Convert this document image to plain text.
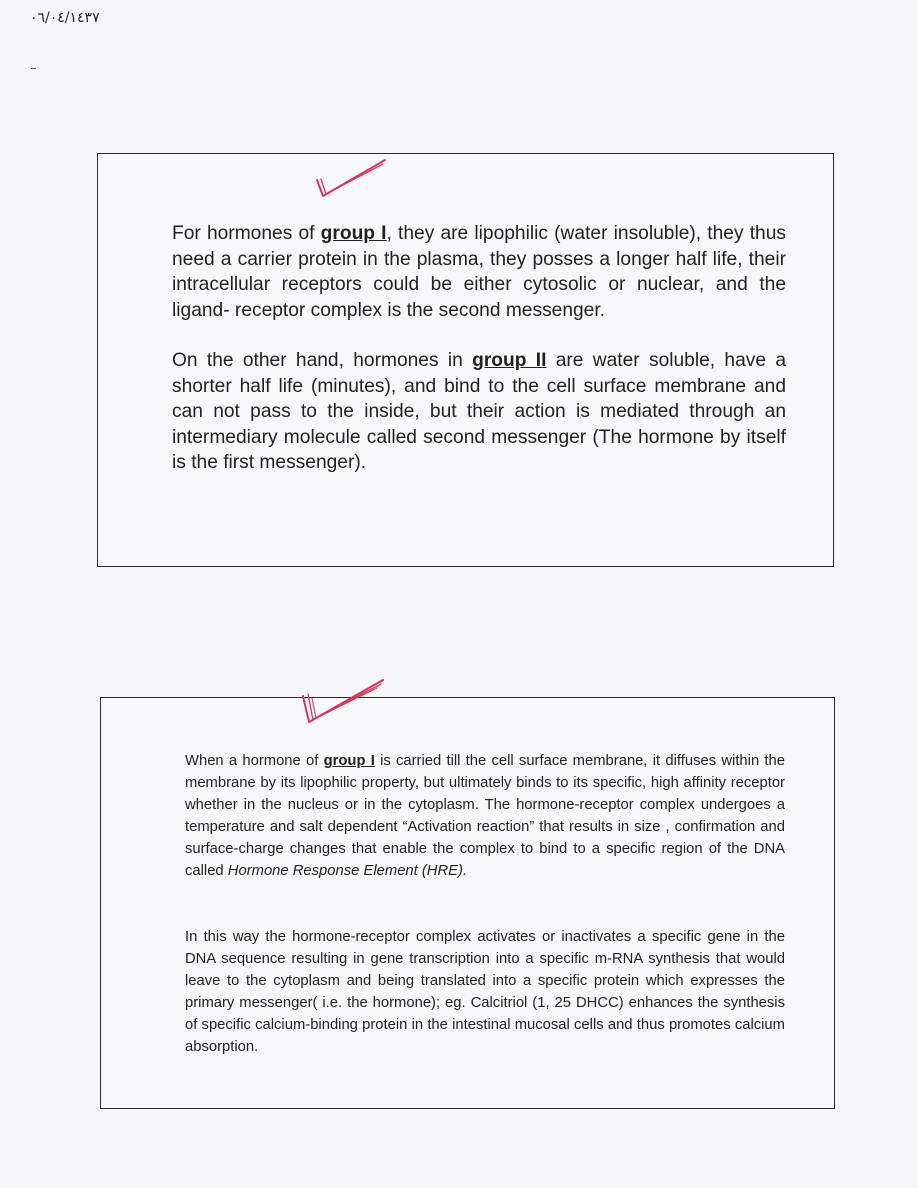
٠٦/٠٤/١٤٣٧

For hormones of group I, they are lipophilic (water insoluble), they thus need a carrier protein in the plasma, they posses a longer half life, their intracellular receptors could be either cytosolic or nuclear, and the ligand- receptor complex is the second messenger.

On the other hand, hormones in group II are water soluble, have a shorter half life (minutes), and bind to the cell surface membrane and can not pass to the inside, but their action is mediated through an intermediary molecule called second messenger (The hormone by itself is the first messenger).

When a hormone of group I is carried till the cell surface membrane, it diffuses within the membrane by its lipophilic property, but ultimately binds to its specific, high affinity receptor whether in the nucleus or in the cytoplasm. The hormone-receptor complex undergoes a temperature and salt dependent “Activation reaction” that results in size , confirmation and surface-charge changes that enable the complex to bind to a specific region of the DNA called Hormone Response Element (HRE).

In this way the hormone-receptor complex activates or inactivates a specific gene in the DNA sequence resulting in gene transcription into a specific m-RNA synthesis that would leave to the cytoplasm and being translated into a specific protein which expresses the primary messenger( i.e. the hormone); eg. Calcitriol (1, 25 DHCC) enhances the synthesis of specific calcium-binding protein in the intestinal mucosal cells and thus promotes calcium absorption.
